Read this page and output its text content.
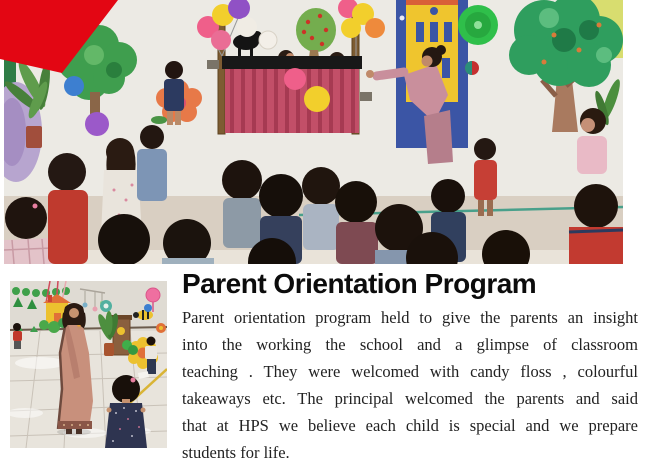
Parent Orientation Program
Parent orientation program held to give the parents an insight
into the working the school and a glimpse of classroom
teaching . They were welcomed with candy floss , colourful
takeaways etc. The principal welcomed the parents and said
that at HPS we believe each child is special and we prepare
students for life.
